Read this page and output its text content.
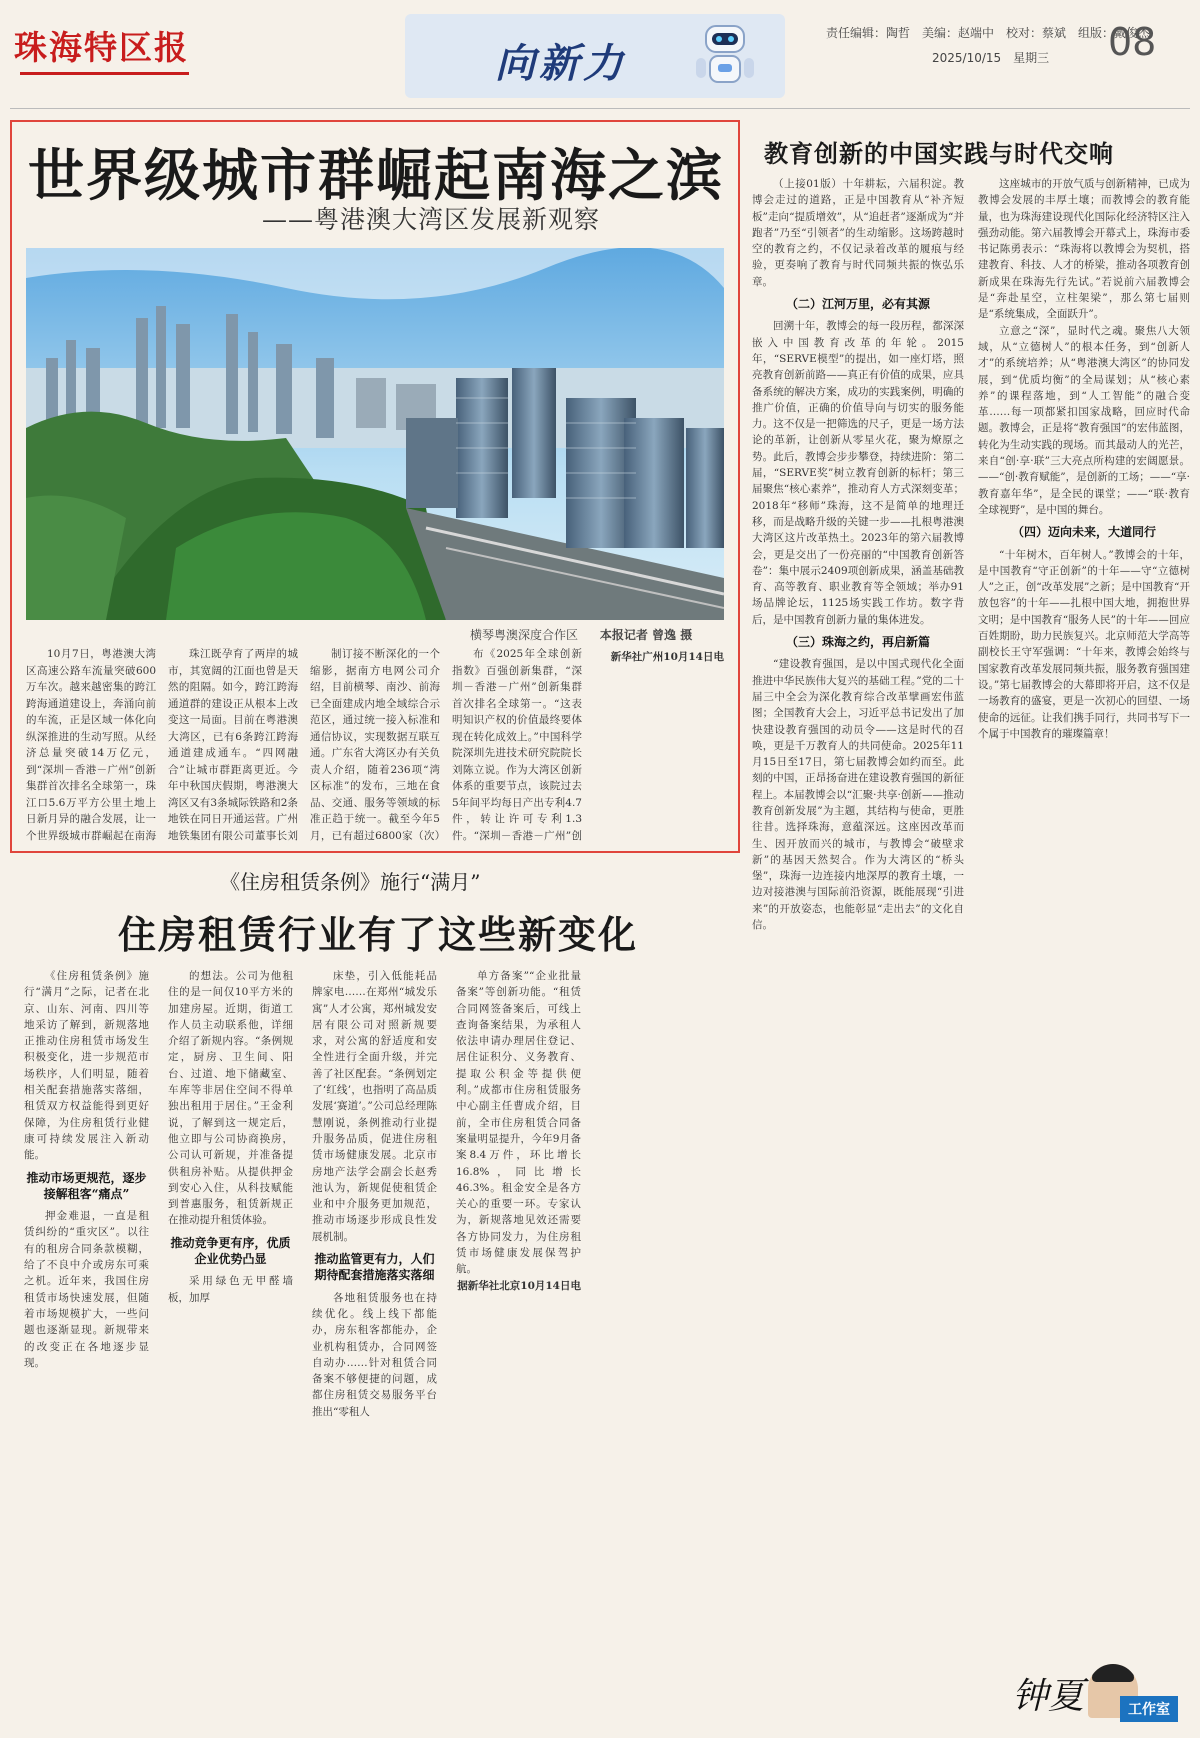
珠海特区报	向新力
责任编辑：陶哲　美编：赵端中　校对：蔡斌　组版：戴俊杰
2025/10/15　星期三	08
世界级城市群崛起南海之滨
——粤港澳大湾区发展新观察
横琴粤澳深度合作区 本报记者 曾逸 摄

10月7日，粤港澳大湾区高速公路车流量突破600万车次。越来越密集的跨江跨海通道建设上，奔涌向前的车流，正是区域一体化向纵深推进的生动写照。从经济总量突破14万亿元，到“深圳－香港－广州”创新集群首次排名全球第一，珠江口5.6万平方公里土地上日新月异的融合发展，让一个世界级城市群崛起在南海

珠江既孕育了两岸的城市，其宽阔的江面也曾是天然的阻隔。如今，跨江跨海通道群的建设正从根本上改变这一局面。目前在粤港澳大湾区，已有6条跨江跨海通道建成通车。“四网融合”让城市群距离更近。今年中秋国庆假期，粤港澳大湾区又有3条城际铁路和2条地铁在同日开通运营。广州地铁集团有限公司董事长刘

制订接不断深化的一个缩影，据南方电网公司介绍，目前横琴、南沙、前海已全面建成内地全域综合示范区，通过统一接入标准和通信协议，实现数据互联互通。广东省大湾区办有关负责人介绍，随着236项“湾区标准”的发布，三地在食品、交通、服务等领域的标准正趋于统一。截至今年5月，已有超过6800家（次）

布《2025年全球创新指数》百强创新集群，“深圳－香港－广州”创新集群首次排名全球第一。“这表明知识产权的价值最终要体现在转化成效上。”中国科学院深圳先进技术研究院院长刘陈立说。作为大湾区创新体系的重要节点，该院过去5年间平均每日产出专利4.7件，转让许可专利1.3件。“深圳－香港－广州”创

新华社广州10月14日电
教育创新的中国实践与时代交响

（上接01版）十年耕耘，六届积淀。教博会走过的道路，正是中国教育从“补齐短板”走向“提质增效”，从“追赶者”逐渐成为“并跑者”乃至“引领者”的生动缩影。这场跨越时空的教育之约，不仅记录着改革的履痕与经验，更奏响了教育与时代同频共振的恢弘乐章。

（二）江河万里，必有其源

回溯十年，教博会的每一段历程，都深深嵌入中国教育改革的年轮。2015年，“SERVE模型”的提出，如一座灯塔，照亮教育创新前路——真正有价值的成果，应具备系统的解决方案，成功的实践案例，明确的推广价值，正确的价值导向与切实的服务能力。这不仅是一把筛选的尺子，更是一场方法论的革新，让创新从零星火花，聚为燎原之势。此后，教博会步步攀登，持续进阶：第二届，“SERVE奖”树立教育创新的标杆；第三届聚焦“核心素养”，推动育人方式深刻变革；2018年“移师”珠海，这不是简单的地理迁移，而是战略升级的关键一步——扎根粤港澳大湾区这片改革热土。2023年的第六届教博会，更是交出了一份亮丽的“中国教育创新答卷”：集中展示2409项创新成果，涵盖基础教育、高等教育、职业教育等全领域；举办91场品牌论坛，1125场实践工作坊。数字背后，是中国教育创新力量的集体进发。

（三）珠海之约，再启新篇

“建设教育强国，是以中国式现代化全面推进中华民族伟大复兴的基础工程。”党的二十届三中全会为深化教育综合改革擘画宏伟蓝图；全国教育大会上，习近平总书记发出了加快建设教育强国的动员令——这是时代的召唤，更是千万教育人的共同使命。2025年11月15日至17日，第七届教博会如约而至。此刻的中国，正昂扬奋进在建设教育强国的新征程上。本届教博会以“汇聚·共享·创新——推动教育创新发展”为主题，其结构与使命，更胜往昔。选择珠海，意蕴深远。这座因改革而生、因开放而兴的城市，与教博会“破壁求新”的基因天然契合。作为大湾区的“桥头堡”，珠海一边连接内地深厚的教育土壤，一边对接港澳与国际前沿资源，既能展现“引进来”的开放姿态，也能彰显“走出去”的文化自信。

这座城市的开放气质与创新精神，已成为教博会发展的丰厚土壤；而教博会的教育能量，也为珠海建设现代化国际化经济特区注入强劲动能。第六届教博会开幕式上，珠海市委书记陈勇表示：“珠海将以教博会为契机，搭建教育、科技、人才的桥梁，推动各项教育创新成果在珠海先行先试。”若说前六届教博会是“奔赴星空，立柱架梁”，那么第七届则是“系统集成，全面跃升”。

立意之“深”，显时代之魂。聚焦八大领域，从“立德树人”的根本任务，到“创新人才”的系统培养；从“粤港澳大湾区”的协同发展，到“优质均衡”的全局谋划；从“核心素养”的课程落地，到“人工智能”的融合变革……每一项都紧扣国家战略，回应时代命题。教博会，正是将“教育强国”的宏伟蓝图，转化为生动实践的现场。而其最动人的光芒，来自“创·享·联”三大亮点所构建的宏阔愿景。——“创·教育赋能”，是创新的工场；——“享·教育嘉年华”，是全民的课堂；——“联·教育全球视野”，是中国的舞台。

（四）迈向未来，大道同行

“十年树木，百年树人。”教博会的十年，是中国教育“守正创新”的十年——守“立德树人”之正，创“改革发展”之新；是中国教育“开放包容”的十年——扎根中国大地，拥抱世界文明；是中国教育“服务人民”的十年——回应百姓期盼，助力民族复兴。北京师范大学高等副校长王守军强调：“十年来，教博会始终与国家教育改革发展同频共振，服务教育强国建设。”第七届教博会的大幕即将开启，这不仅是一场教育的盛宴，更是一次初心的回望、一场使命的远征。让我们携手同行，共同书写下一个属于中国教育的璀璨篇章！

钟夏	工作室
《住房租赁条例》施行“满月”
住房租赁行业有了这些新变化

《住房租赁条例》施行“满月”之际，记者在北京、山东、河南、四川等地采访了解到，新规落地正推动住房租赁市场发生积极变化，进一步规范市场秩序，人们明显，随着相关配套措施落实落细，租赁双方权益能得到更好保障，为住房租赁行业健康可持续发展注入新动能。

推动市场更规范，逐步接解租客“痛点”

押金难退，一直是租赁纠纷的“重灾区”。以往有的租房合同条款模糊，给了不良中介或房东可乘之机。近年来，我国住房租赁市场快速发展，但随着市场规模扩大，一些问题也逐渐显现。新规带来的改变正在各地逐步显现。

的想法。公司为他租住的是一间仅10平方米的加建房屋。近期，街道工作人员主动联系他，详细介绍了新规内容。“条例规定，厨房、卫生间、阳台、过道、地下储藏室、车库等非居住空间不得单独出租用于居住。”王金利说，了解到这一规定后，他立即与公司协商换房，公司认可新规，并准备提供租房补贴。从提供押金到安心入住，从科技赋能到普惠服务，租赁新规正在推动提升租赁体验。

推动竞争更有序，优质企业优势凸显

采用绿色无甲醛墙板，加厚

床垫，引入低能耗品牌家电……在郑州“城发乐寓”人才公寓，郑州城发安居有限公司对照新规要求，对公寓的舒适度和安全性进行全面升级，并完善了社区配套。“条例划定了‘红线’，也指明了高品质发展‘赛道’。”公司总经理陈慧刚说，条例推动行业提升服务品质，促进住房租赁市场健康发展。北京市房地产法学会副会长赵秀池认为，新规促使租赁企业和中介服务更加规范，推动市场逐步形成良性发展机制。

推动监管更有力，人们期待配套措施落实落细

各地租赁服务也在持续优化。线上线下都能办，房东租客都能办，企业机构租赁办，合同网签自动办……针对租赁合同备案不够便捷的问题，成都住房租赁交易服务平台推出“零租人

单方备案”“企业批量备案”等创新功能。“租赁合同网签备案后，可线上查询备案结果，为承租人依法申请办理居住登记、居住证积分、义务教育、提取公积金等提供便利。”成都市住房租赁服务中心副主任曹成介绍，目前，全市住房租赁合同备案量明显提升，今年9月备案8.4万件，环比增长16.8%，同比增长46.3%。租金安全是各方关心的重要一环。专家认为，新规落地见效还需要各方协同发力，为住房租赁市场健康发展保驾护航。

据新华社北京10月14日电
